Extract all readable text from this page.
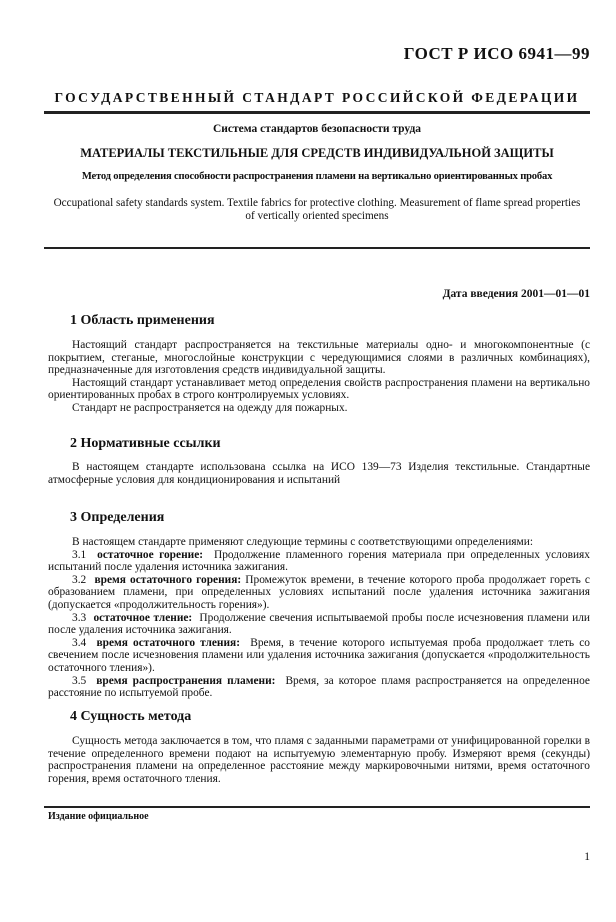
ГОСТ Р ИСО 6941—99
ГОСУДАРСТВЕННЫЙ СТАНДАРТ РОССИЙСКОЙ ФЕДЕРАЦИИ
Система стандартов безопасности труда
МАТЕРИАЛЫ ТЕКСТИЛЬНЫЕ ДЛЯ СРЕДСТВ ИНДИВИДУАЛЬНОЙ ЗАЩИТЫ
Метод определения способности распространения пламени на вертикально ориентированных пробах
Occupational safety standards system. Textile fabrics for protective clothing. Measurement of flame spread properties of vertically oriented specimens
Дата введения 2001—01—01
1 Область применения

Настоящий стандарт распространяется на текстильные материалы одно- и многокомпонентные (с покрытием, стеганые, многослойные конструкции с чередующимися слоями в различных комбинациях), предназначенные для изготовления средств индивидуальной защиты.

Настоящий стандарт устанавливает метод определения свойств распространения пламени на вертикально ориентированных пробах в строго контролируемых условиях.

Стандарт не распространяется на одежду для пожарных.

2 Нормативные ссылки

В настоящем стандарте использована ссылка на ИСО 139—73 Изделия текстильные. Стандартные атмосферные условия для кондиционирования и испытаний

3 Определения

В настоящем стандарте применяют следующие термины с соответствующими определениями:

3.1 остаточное горение: Продолжение пламенного горения материала при определенных условиях испытаний после удаления источника зажигания.

3.2 время остаточного горения: Промежуток времени, в течение которого проба продолжает гореть с образованием пламени, при определенных условиях испытаний после удаления источника зажигания (допускается «продолжительность горения»).

3.3 остаточное тление: Продолжение свечения испытываемой пробы после исчезновения пламени или после удаления источника зажигания.

3.4 время остаточного тления: Время, в течение которого испытуемая проба продолжает тлеть со свечением после исчезновения пламени или удаления источника зажигания (допускается «продолжительность остаточного тления»).

3.5 время распространения пламени: Время, за которое пламя распространяется на определенное расстояние по испытуемой пробе.

4 Сущность метода

Сущность метода заключается в том, что пламя с заданными параметрами от унифицированной горелки в течение определенного времени подают на испытуемую элементарную пробу. Измеряют время (секунды) распространения пламени на определенное расстояние между маркировочными нитями, время остаточного горения, время остаточного тления.

Издание официальное
1
